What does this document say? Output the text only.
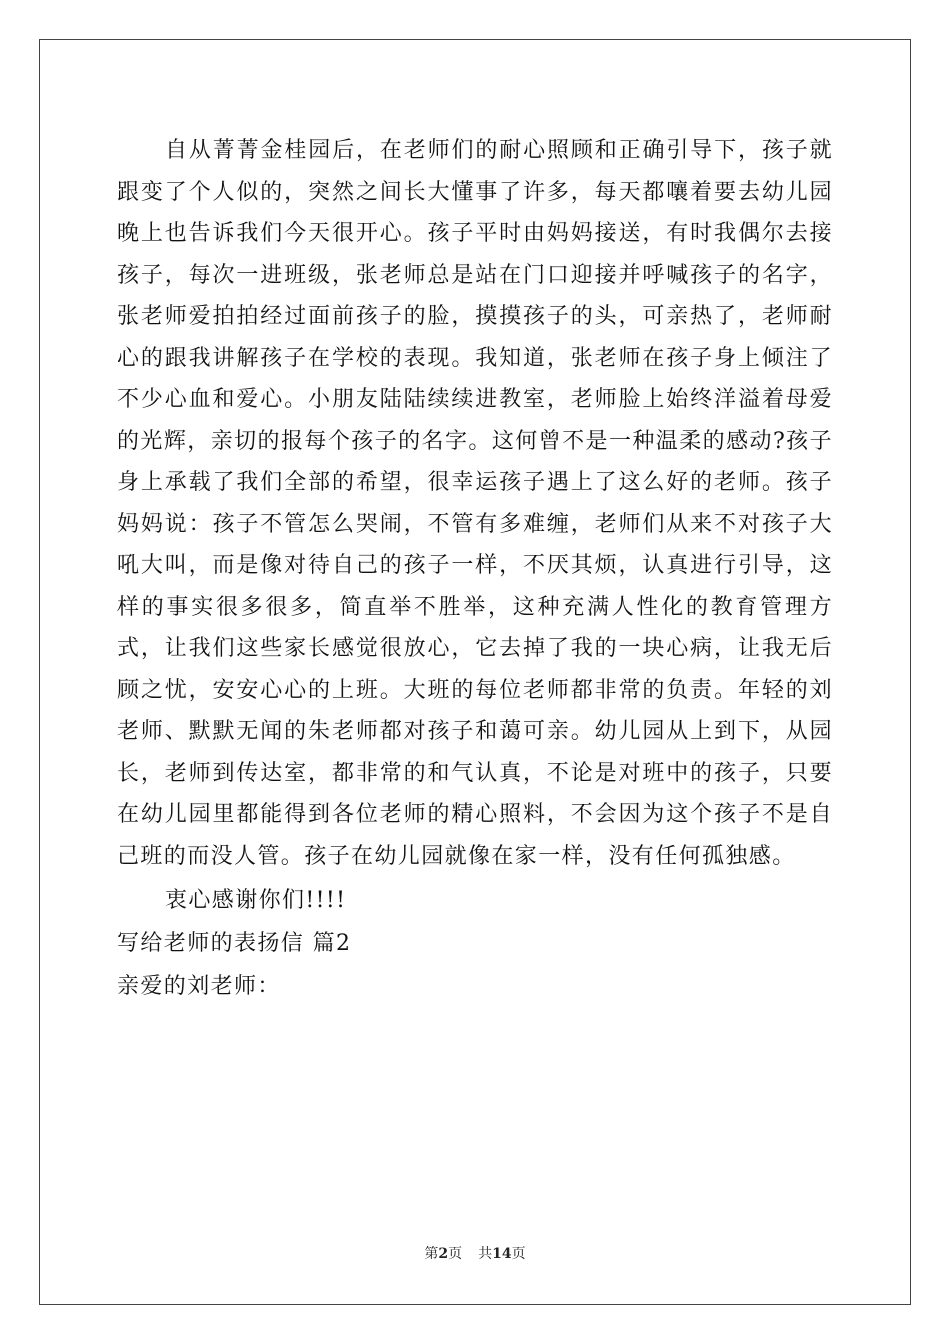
自从菁菁金桂园后，在老师们的耐心照顾和正确引导下，孩子就跟变了个人似的，突然之间长大懂事了许多，每天都嚷着要去幼儿园晚上也告诉我们今天很开心。孩子平时由妈妈接送，有时我偶尔去接孩子，每次一进班级，张老师总是站在门口迎接并呼喊孩子的名字，张老师爱拍拍经过面前孩子的脸，摸摸孩子的头，可亲热了，老师耐心的跟我讲解孩子在学校的表现。我知道，张老师在孩子身上倾注了不少心血和爱心。小朋友陆陆续续进教室，老师脸上始终洋溢着母爱的光辉，亲切的报每个孩子的名字。这何曾不是一种温柔的感动?孩子身上承载了我们全部的希望，很幸运孩子遇上了这么好的老师。孩子妈妈说：孩子不管怎么哭闹，不管有多难缠，老师们从来不对孩子大吼大叫，而是像对待自己的孩子一样，不厌其烦，认真进行引导，这样的事实很多很多，简直举不胜举，这种充满人性化的教育管理方式，让我们这些家长感觉很放心，它去掉了我的一块心病，让我无后顾之忧，安安心心的上班。大班的每位老师都非常的负责。年轻的刘老师、默默无闻的朱老师都对孩子和蔼可亲。幼儿园从上到下，从园长，老师到传达室，都非常的和气认真，不论是对班中的孩子，只要在幼儿园里都能得到各位老师的精心照料，不会因为这个孩子不是自己班的而没人管。孩子在幼儿园就像在家一样，没有任何孤独感。

衷心感谢你们!!!!

写给老师的表扬信 篇2

亲爱的刘老师：

第2页 共14页
